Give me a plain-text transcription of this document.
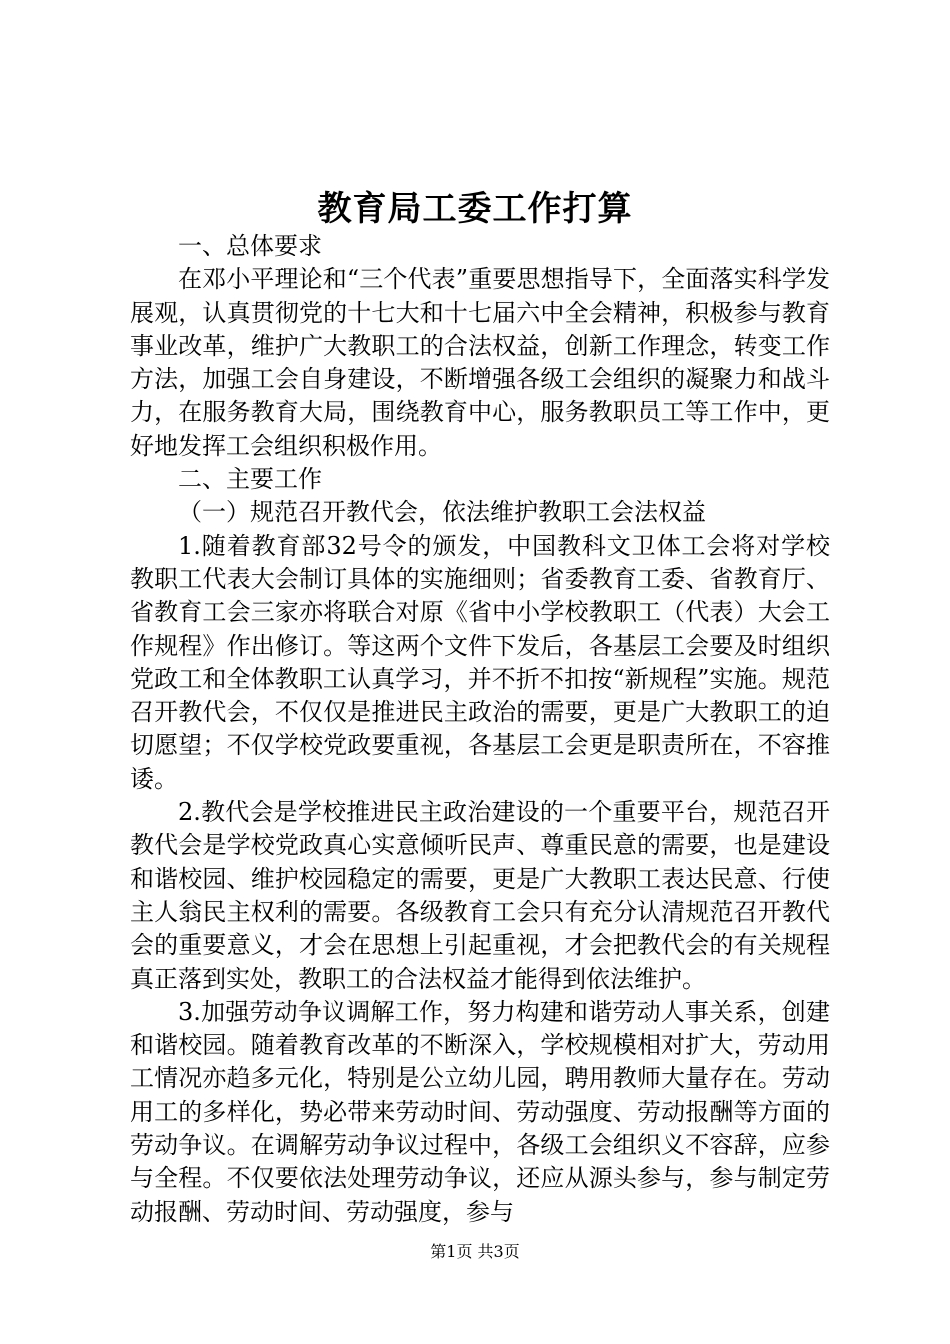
教育局工委工作打算

一、总体要求

在邓小平理论和“三个代表”重要思想指导下，全面落实科学发展观，认真贯彻党的十七大和十七届六中全会精神，积极参与教育事业改革，维护广大教职工的合法权益，创新工作理念，转变工作方法，加强工会自身建设，不断增强各级工会组织的凝聚力和战斗力，在服务教育大局，围绕教育中心，服务教职员工等工作中，更好地发挥工会组织积极作用。

二、主要工作

（一）规范召开教代会，依法维护教职工会法权益

1.随着教育部32号令的颁发，中国教科文卫体工会将对学校教职工代表大会制订具体的实施细则；省委教育工委、省教育厅、省教育工会三家亦将联合对原《省中小学校教职工（代表）大会工作规程》作出修订。等这两个文件下发后，各基层工会要及时组织党政工和全体教职工认真学习，并不折不扣按“新规程”实施。规范召开教代会，不仅仅是推进民主政治的需要，更是广大教职工的迫切愿望；不仅学校党政要重视，各基层工会更是职责所在，不容推诿。

2.教代会是学校推进民主政治建设的一个重要平台，规范召开教代会是学校党政真心实意倾听民声、尊重民意的需要，也是建设和谐校园、维护校园稳定的需要，更是广大教职工表达民意、行使主人翁民主权利的需要。各级教育工会只有充分认清规范召开教代会的重要意义，才会在思想上引起重视，才会把教代会的有关规程真正落到实处，教职工的合法权益才能得到依法维护。

3.加强劳动争议调解工作，努力构建和谐劳动人事关系，创建和谐校园。随着教育改革的不断深入，学校规模相对扩大，劳动用工情况亦趋多元化，特别是公立幼儿园，聘用教师大量存在。劳动用工的多样化，势必带来劳动时间、劳动强度、劳动报酬等方面的劳动争议。在调解劳动争议过程中，各级工会组织义不容辞，应参与全程。不仅要依法处理劳动争议，还应从源头参与，参与制定劳动报酬、劳动时间、劳动强度，参与

第1页 共3页
